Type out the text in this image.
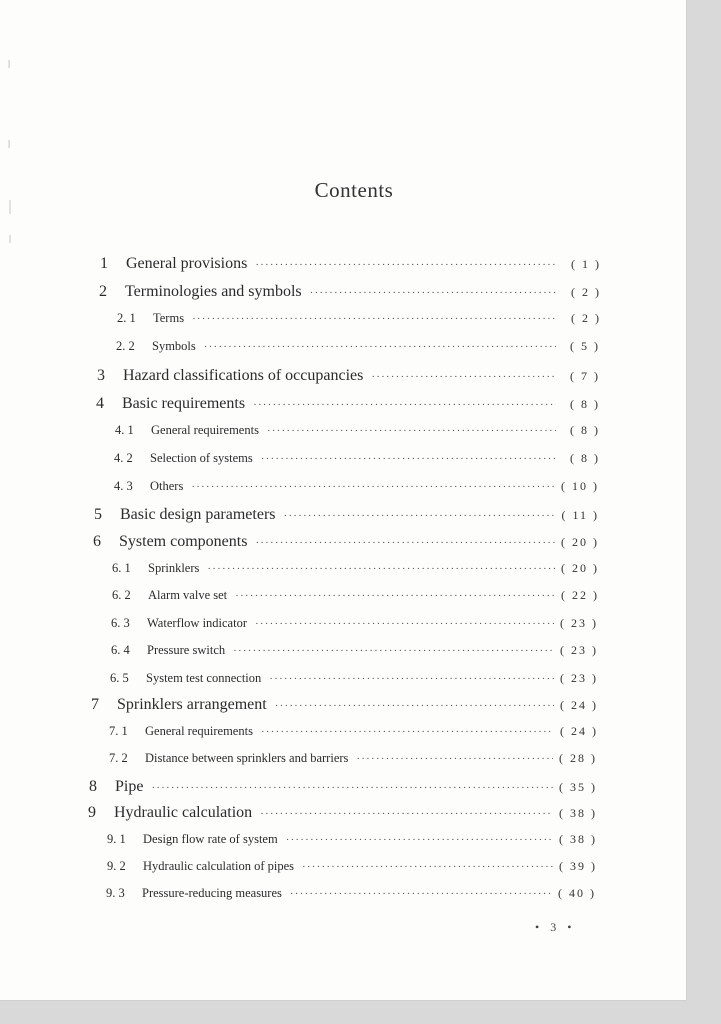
Contents
1	General provisions ·····	( 1 )
2	Terminologies and symbols ·····	( 2 )
2. 1	Terms ·····	( 2 )
2. 2	Symbols ·····	( 5 )
3	Hazard classifications of occupancies ·····	( 7 )
4	Basic requirements ·····	( 8 )
4. 1	General requirements ·····	( 8 )
4. 2	Selection of systems ·····	( 8 )
4. 3	Others ·····	( 10 )
5	Basic design parameters ·····	( 11 )
6	System components ·····	( 20 )
6. 1	Sprinklers ·····	( 20 )
6. 2	Alarm valve set ·····	( 22 )
6. 3	Waterflow indicator ·····	( 23 )
6. 4	Pressure switch ·····	( 23 )
6. 5	System test connection ·····	( 23 )
7	Sprinklers arrangement ·····	( 24 )
7. 1	General requirements ·····	( 24 )
7. 2	Distance between sprinklers and barriers ·····	( 28 )
8	Pipe ·····	( 35 )
9	Hydraulic calculation ·····	( 38 )
9. 1	Design flow rate of system ·····	( 38 )
9. 2	Hydraulic calculation of pipes ·····	( 39 )
9. 3	Pressure-reducing measures ·····	( 40 )
• 3 •
